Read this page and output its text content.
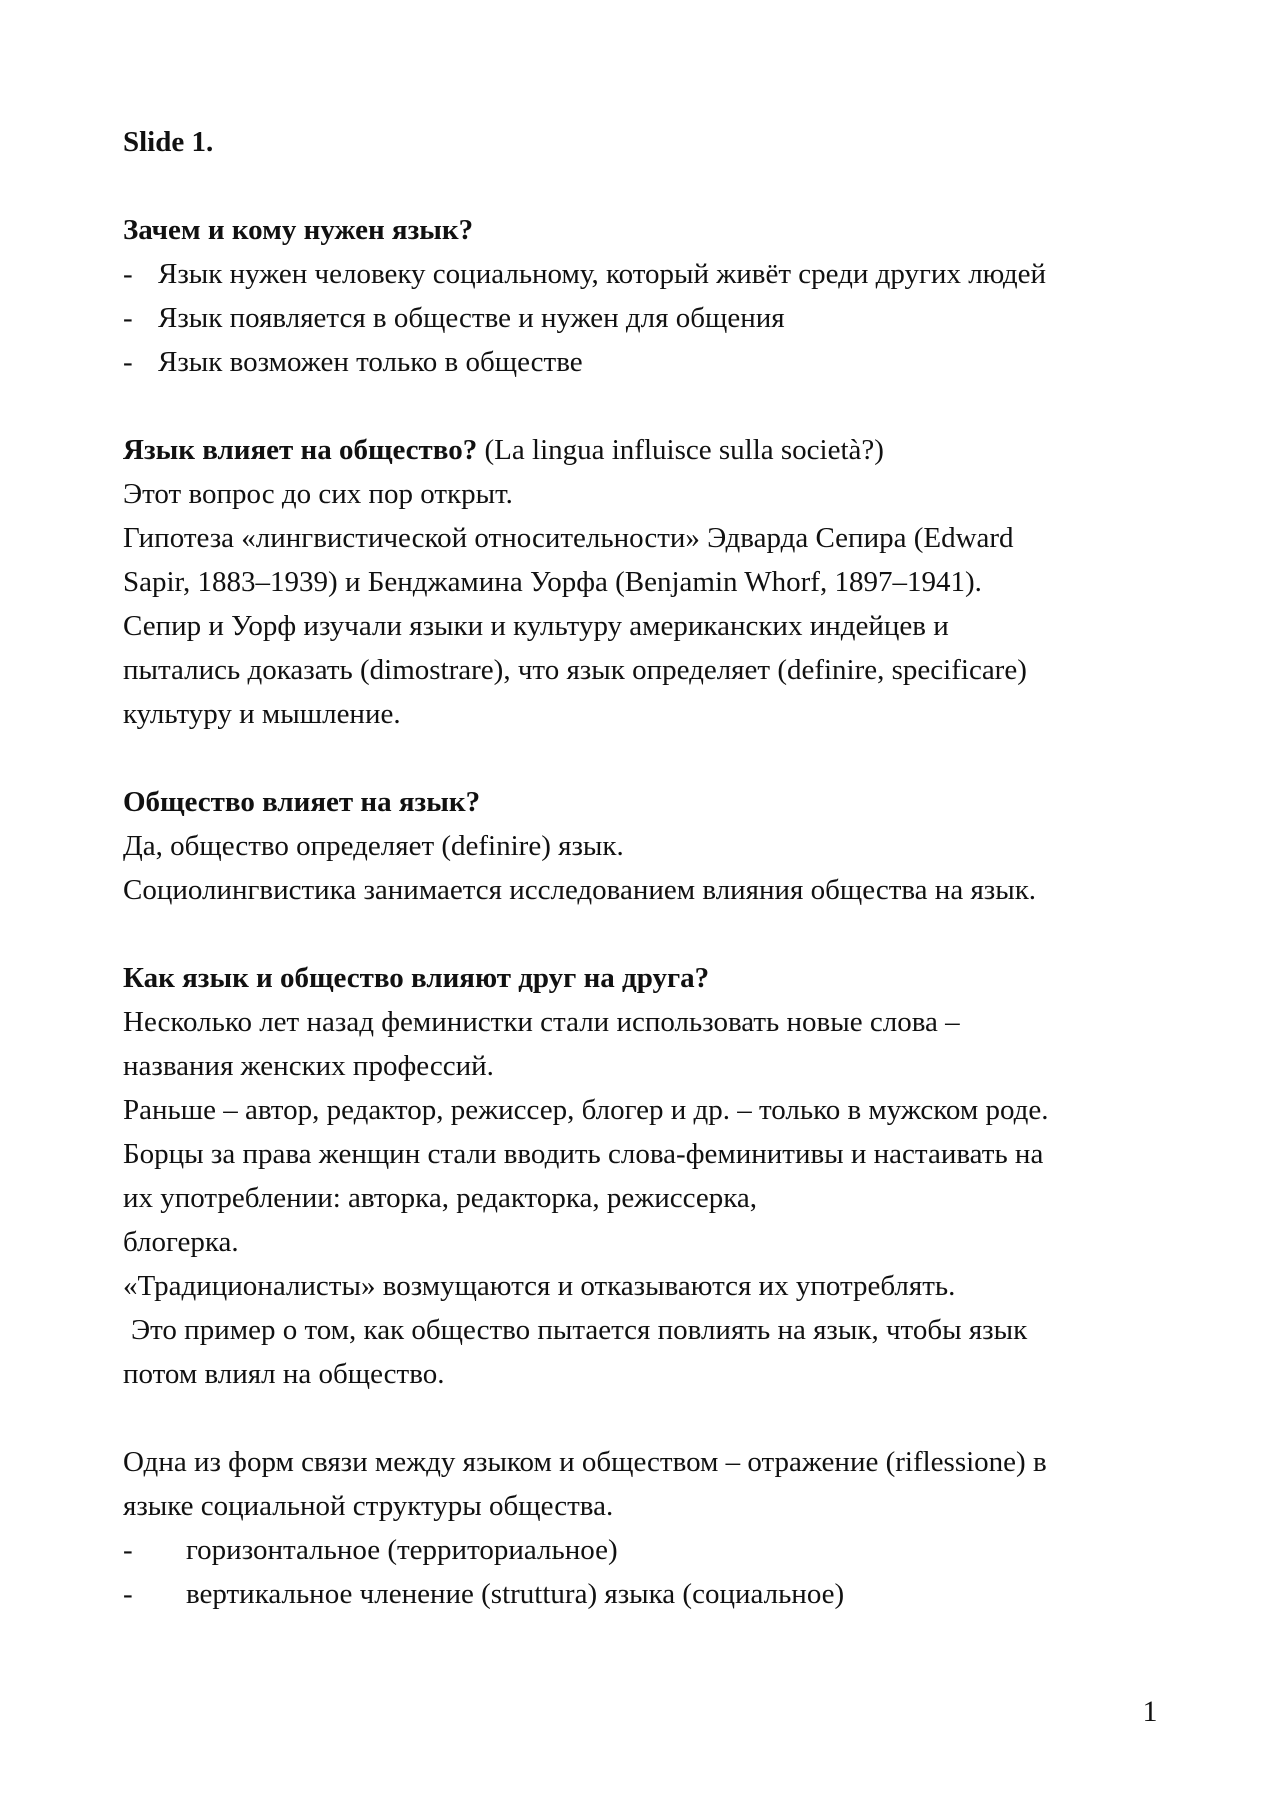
Slide 1.
Зачем и кому нужен язык?
- Язык нужен человеку социальному, который живёт среди других людей
- Язык появляется в обществе и нужен для общения
- Язык возможен только в обществе
Язык влияет на общество? (La lingua influisce sulla società?)
Этот вопрос до сих пор открыт.
Гипотеза «лингвистической относительности» Эдварда Сепира (Edward
Sapir, 1883–1939) и Бенджамина Уорфа (Benjamin Whorf, 1897–1941).
Сепир и Уорф изучали языки и культуру американских индейцев и
пытались доказать (dimostrare), что язык определяет (definire, specificare)
культуру и мышление.
Общество влияет на язык?
Да, общество определяет (definire) язык.
Социолингвистика занимается исследованием влияния общества на язык.
Как язык и общество влияют друг на друга?
Несколько лет назад феминистки стали использовать новые слова –
названия женских профессий.
Раньше – автор, редактор, режиссер, блогер и др. – только в мужском роде.
Борцы за права женщин стали вводить слова-феминитивы и настаивать на
их употреблении: авторка, редакторка, режиссерка,
блогерка.
«Традиционалисты» возмущаются и отказываются их употреблять.
Это пример о том, как общество пытается повлиять на язык, чтобы язык
потом влиял на общество.
Одна из форм связи между языком и обществом – отражение (riflessione) в
языке социальной структуры общества.
- горизонтальное (территориальное)
- вертикальное членение (struttura) языка (социальное)
1
